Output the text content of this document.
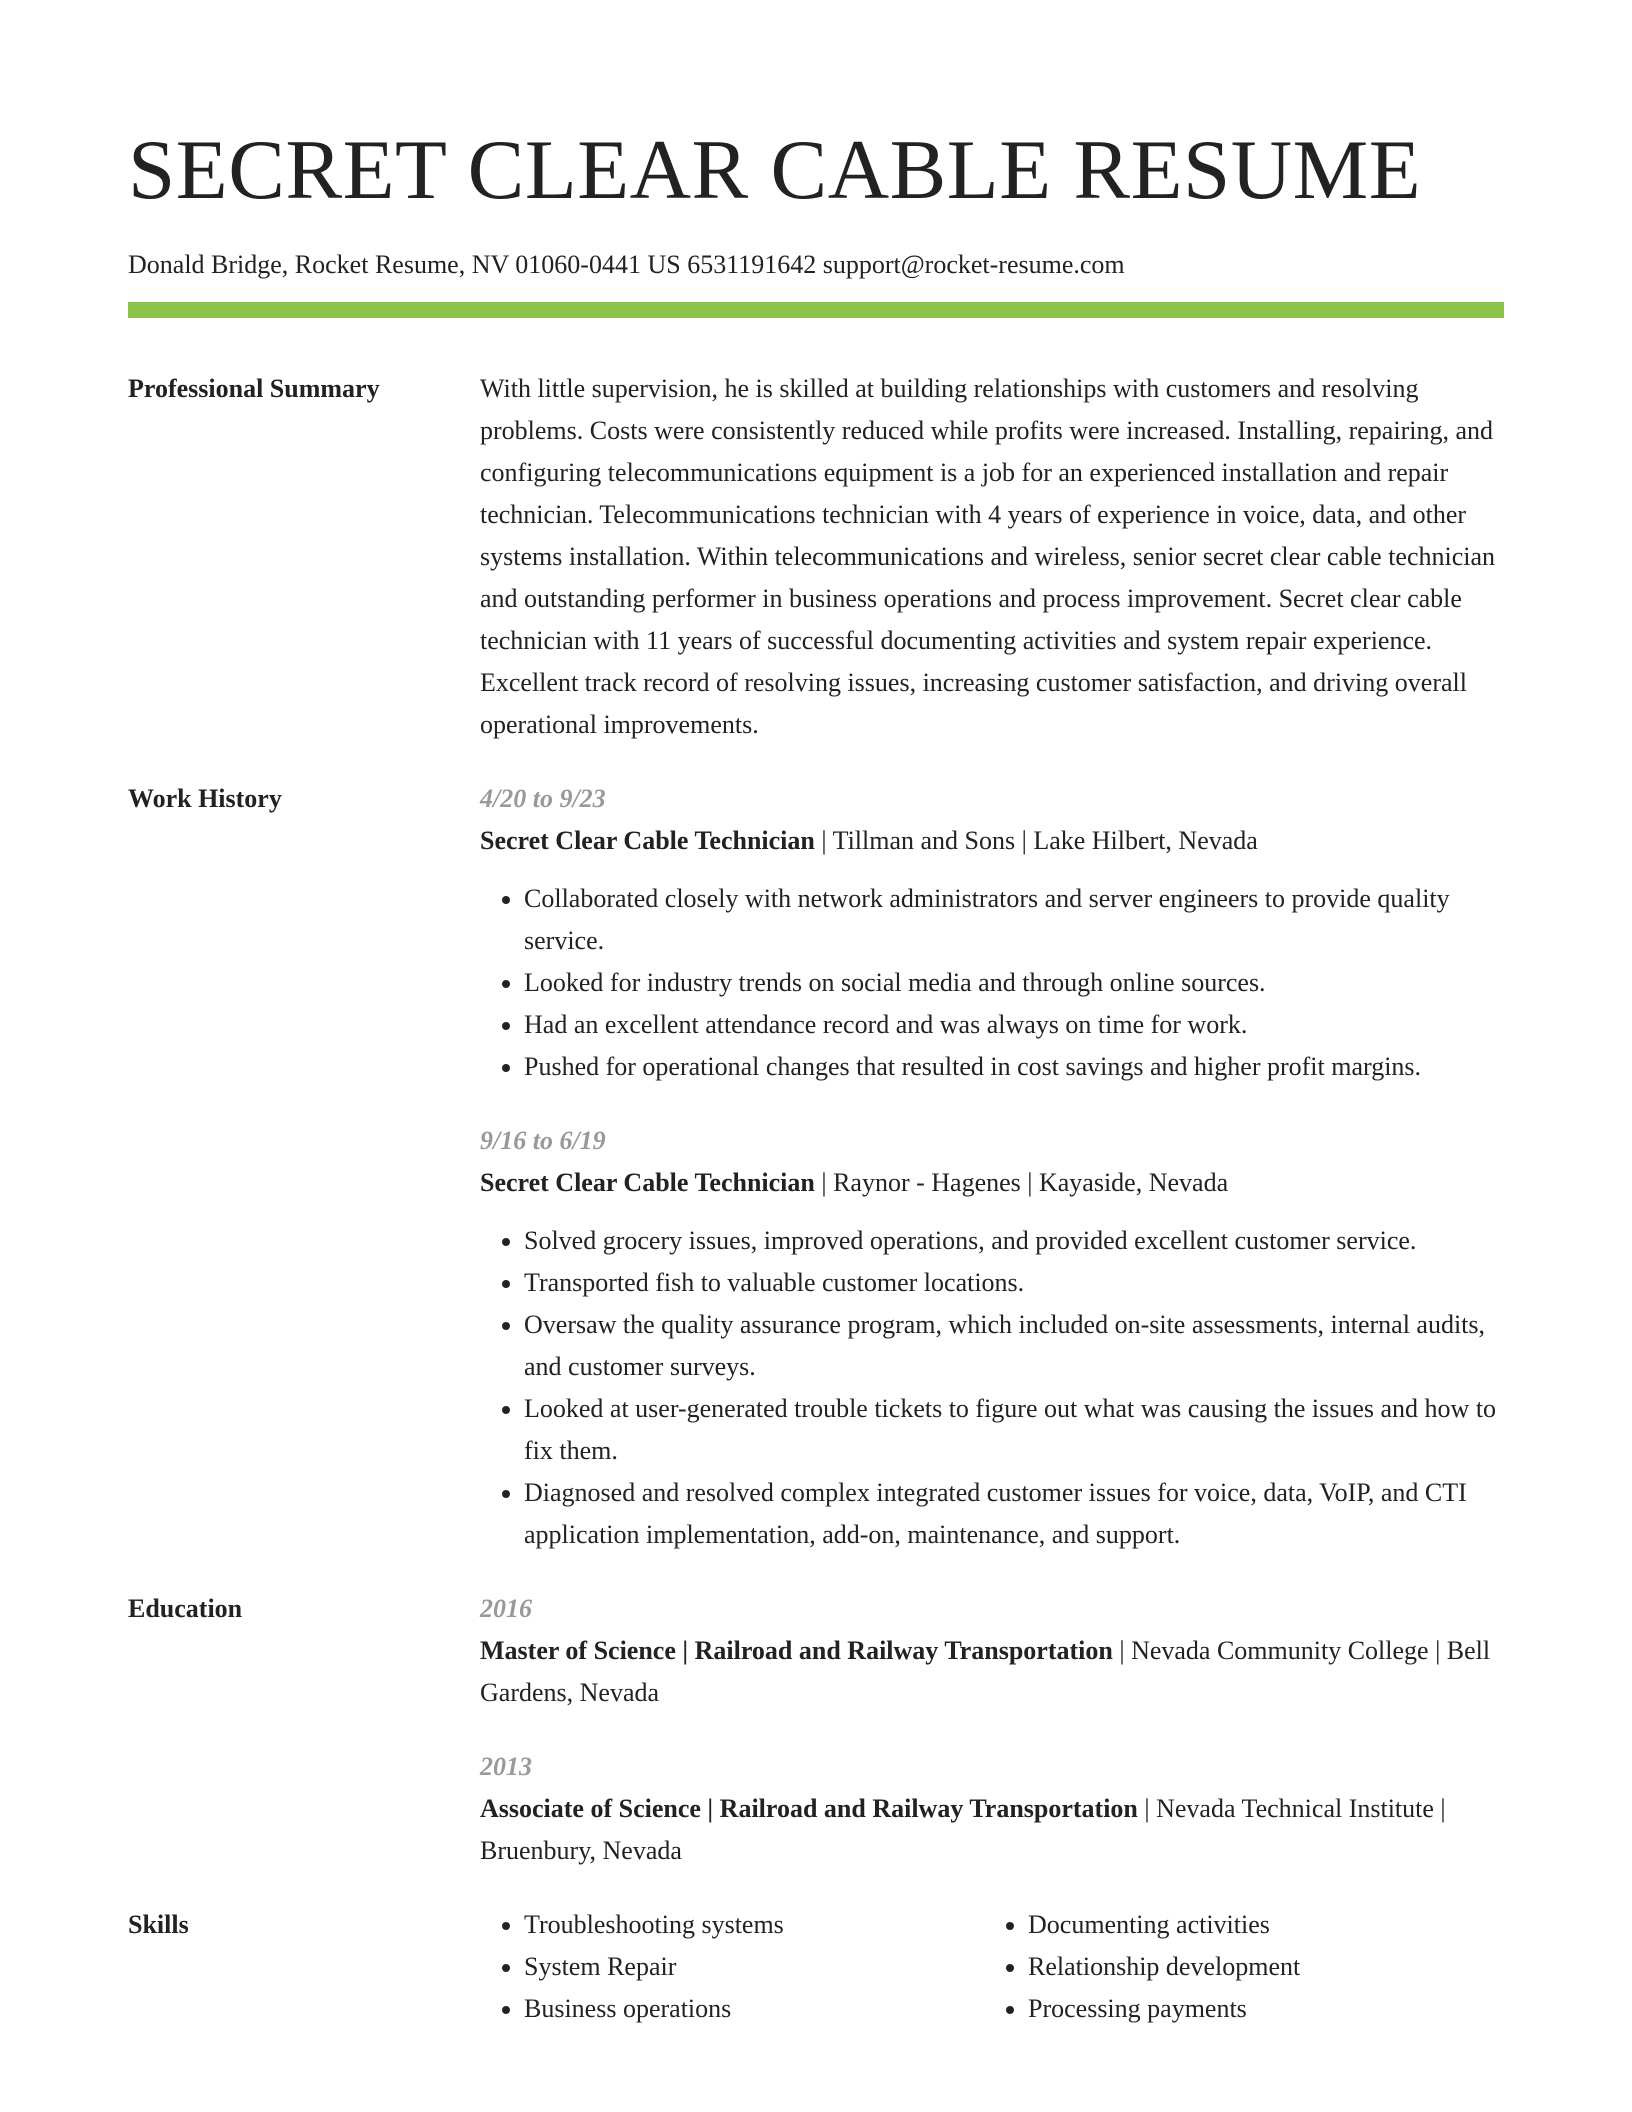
SECRET CLEAR CABLE RESUME
Donald Bridge, Rocket Resume, NV 01060-0441 US 6531191642 support@rocket-resume.com
Professional Summary	With little supervision, he is skilled at building relationships with customers and resolving problems. Costs were consistently reduced while profits were increased. Installing, repairing, and configuring telecommunications equipment is a job for an experienced installation and repair technician. Telecommunications technician with 4 years of experience in voice, data, and other systems installation. Within telecommunications and wireless, senior secret clear cable technician and outstanding performer in business operations and process improvement. Secret clear cable technician with 11 years of successful documenting activities and system repair experience. Excellent track record of resolving issues, increasing customer satisfaction, and driving overall operational improvements.

Work History	4/20 to 9/23
Secret Clear Cable Technician | Tillman and Sons | Lake Hilbert, Nevada
• Collaborated closely with network administrators and server engineers to provide quality service.
• Looked for industry trends on social media and through online sources.
• Had an excellent attendance record and was always on time for work.
• Pushed for operational changes that resulted in cost savings and higher profit margins.
9/16 to 6/19
Secret Clear Cable Technician | Raynor - Hagenes | Kayaside, Nevada
• Solved grocery issues, improved operations, and provided excellent customer service.
• Transported fish to valuable customer locations.
• Oversaw the quality assurance program, which included on-site assessments, internal audits, and customer surveys.
• Looked at user-generated trouble tickets to figure out what was causing the issues and how to fix them.
• Diagnosed and resolved complex integrated customer issues for voice, data, VoIP, and CTI application implementation, add-on, maintenance, and support.
Education	2016
Master of Science | Railroad and Railway Transportation | Nevada Community College | Bell Gardens, Nevada
2013
Associate of Science | Railroad and Railway Transportation | Nevada Technical Institute | Bruenbury, Nevada
Skills
•	Troubleshooting systems
• System Repair
• Business operations
• Documenting activities
• Relationship development
• Processing payments
